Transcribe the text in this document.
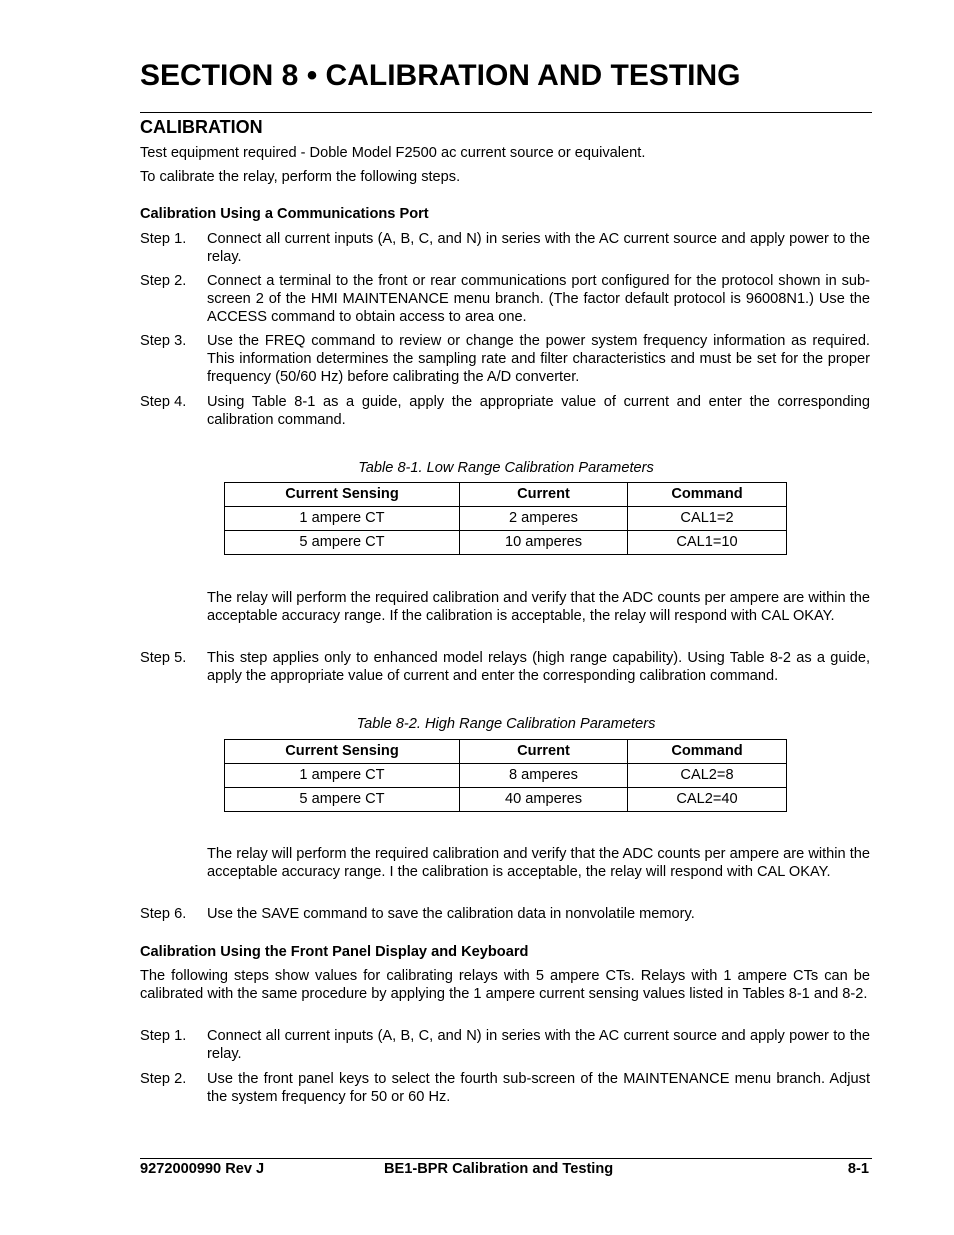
SECTION 8 • CALIBRATION AND TESTING
CALIBRATION

Test equipment required - Doble Model F2500 ac current source or equivalent.

To calibrate the relay, perform the following steps.

Calibration Using a Communications Port
Step 1. Connect all current inputs (A, B, C, and N) in series with the AC current source and apply power to the relay.
Step 2. Connect a terminal to the front or rear communications port configured for the protocol shown in sub-screen 2 of the HMI MAINTENANCE menu branch. (The factor default protocol is 96008N1.) Use the ACCESS command to obtain access to area one.
Step 3. Use the FREQ command to review or change the power system frequency information as required. This information determines the sampling rate and filter characteristics and must be set for the proper frequency (50/60 Hz) before calibrating the A/D converter.
Step 4. Using Table 8-1 as a guide, apply the appropriate value of current and enter the corresponding calibration command.

Table 8-1. Low Range Calibration Parameters

Current Sensing	Current	Command
1 ampere CT	2 amperes	CAL1=2
5 ampere CT	10 amperes	CAL1=10

The relay will perform the required calibration and verify that the ADC counts per ampere are within the acceptable accuracy range. If the calibration is acceptable, the relay will respond with CAL OKAY.

Step 5. This step applies only to enhanced model relays (high range capability). Using Table 8-2 as a guide, apply the appropriate value of current and enter the corresponding calibration command.

Table 8-2. High Range Calibration Parameters

Current Sensing	Current	Command
1 ampere CT	8 amperes	CAL2=8
5 ampere CT	40 amperes	CAL2=40

The relay will perform the required calibration and verify that the ADC counts per ampere are within the acceptable accuracy range. I the calibration is acceptable, the relay will respond with CAL OKAY.

Step 6. Use the SAVE command to save the calibration data in nonvolatile memory.
Calibration Using the Front Panel Display and Keyboard

The following steps show values for calibrating relays with 5 ampere CTs. Relays with 1 ampere CTs can be calibrated with the same procedure by applying the 1 ampere current sensing values listed in Tables 8-1 and 8-2.

Step 1. Connect all current inputs (A, B, C, and N) in series with the AC current source and apply power to the relay.
Step 2. Use the front panel keys to select the fourth sub-screen of the MAINTENANCE menu branch. Adjust the system frequency for 50 or 60 Hz.
9272000990 Rev J	BE1-BPR Calibration and Testing	8-1
